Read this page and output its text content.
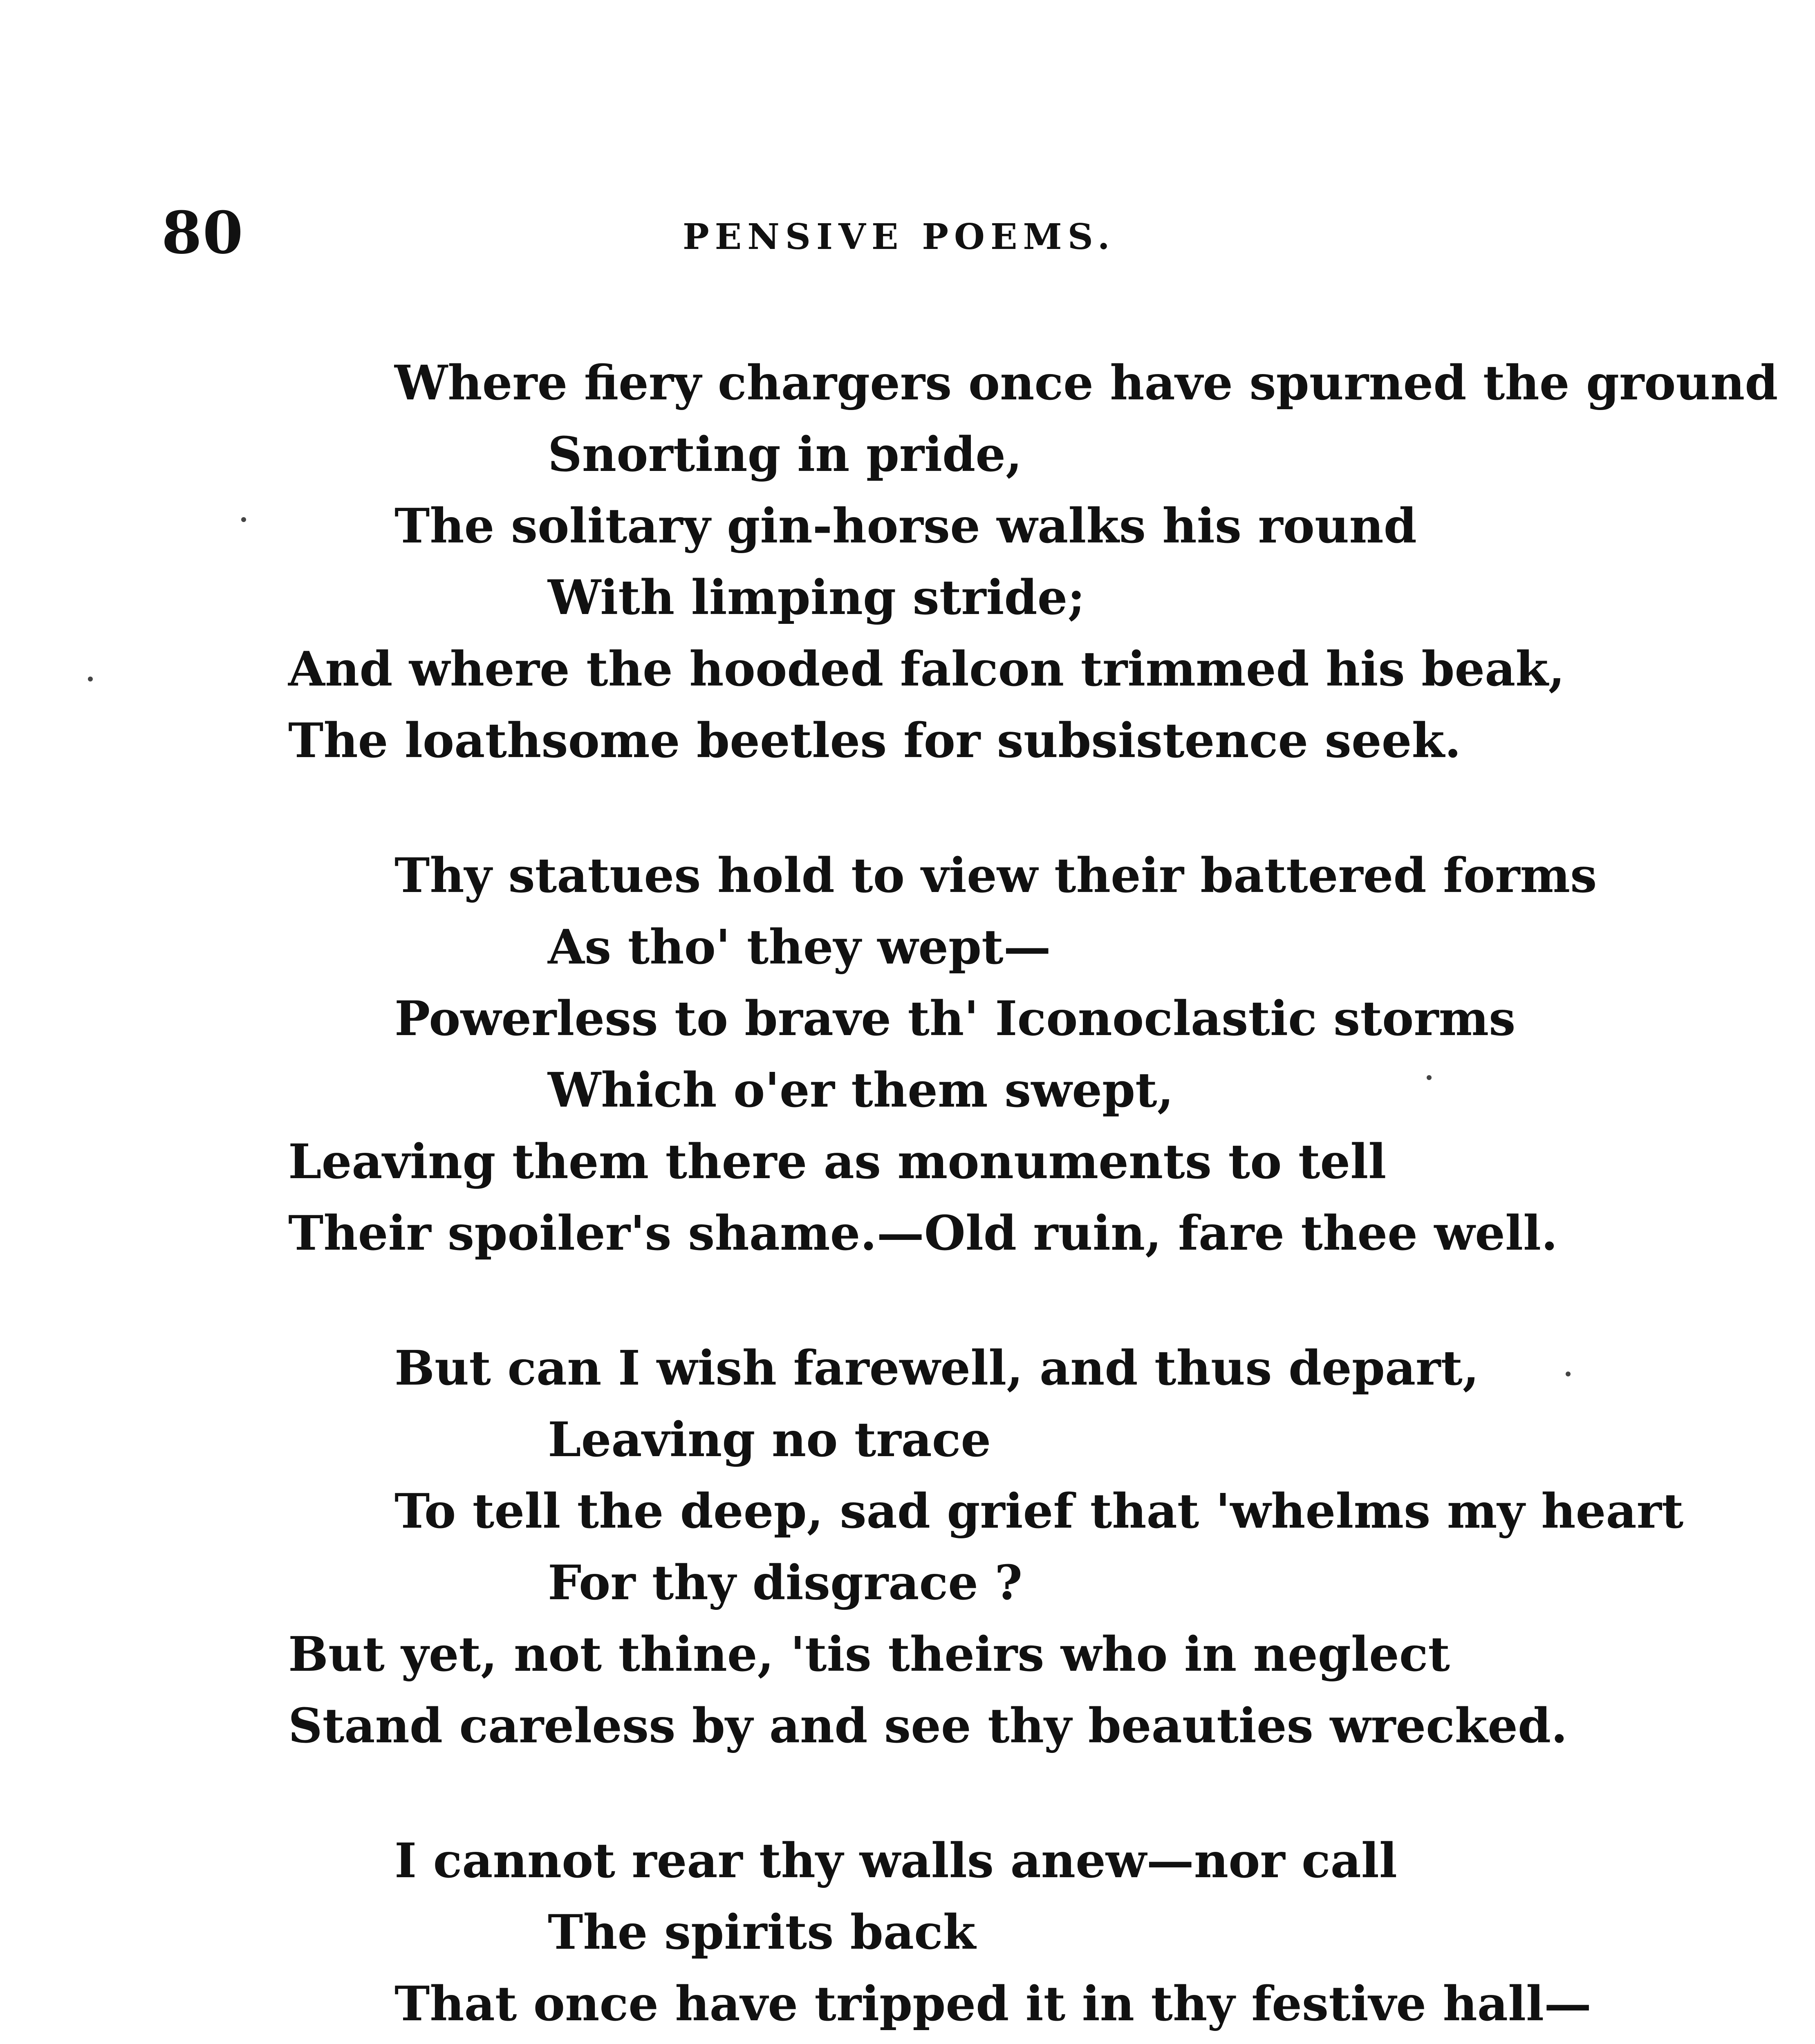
80	PENSIVE POEMS.
Where fiery chargers once have spurned the ground
Snorting in pride,
The solitary gin-horse walks his round
With limping stride;
And where the hooded falcon trimmed his beak,
The loathsome beetles for subsistence seek.
Thy statues hold to view their battered forms
As tho' they wept—
Powerless to brave th' Iconoclastic storms
Which o'er them swept,
Leaving them there as monuments to tell
Their spoiler's shame.—Old ruin, fare thee well.
But can I wish farewell, and thus depart,
Leaving no trace
To tell the deep, sad grief that 'whelms my heart
For thy disgrace ?
But yet, not thine, 'tis theirs who in neglect
Stand careless by and see thy beauties wrecked.
I cannot rear thy walls anew—nor call
The spirits back
That once have tripped it in thy festive hall—
